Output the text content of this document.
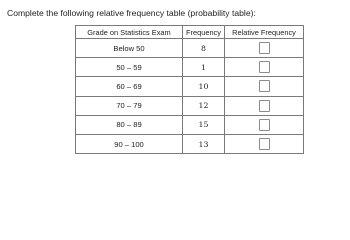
Complete the following relative frequency table (probability table):
Grade on Statistics Exam	Frequency	Relative Frequency
Below 50	8	
50 – 59	1	
60 – 69	10	
70 – 79	12	
80 – 89	15	
90 – 100	13	
